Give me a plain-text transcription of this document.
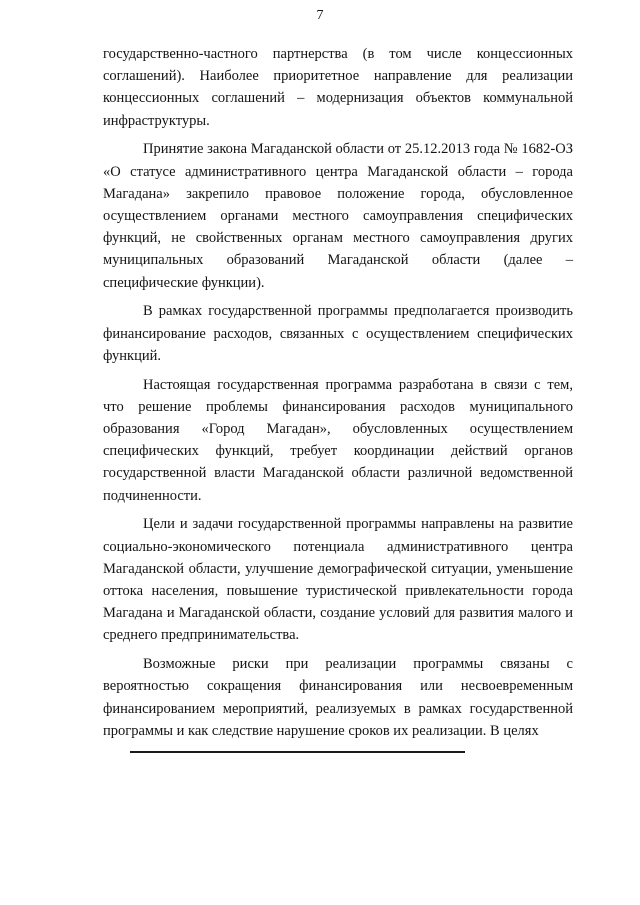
7

государственно-частного партнерства (в том числе концессионных соглашений). Наиболее приоритетное направление для реализации концессионных соглашений – модернизация объектов коммунальной инфраструктуры.

Принятие закона Магаданской области от 25.12.2013 года № 1682-ОЗ «О статусе административного центра Магаданской области – города Магадана» закрепило правовое положение города, обусловленное осуществлением органами местного самоуправления специфических функций, не свойственных органам местного самоуправления других муниципальных образований Магаданской области (далее – специфические функции).

В рамках государственной программы предполагается производить финансирование расходов, связанных с осуществлением специфических функций.

Настоящая государственная программа разработана в связи с тем, что решение проблемы финансирования расходов муниципального образования «Город Магадан», обусловленных осуществлением специфических функций, требует координации действий органов государственной власти Магаданской области различной ведомственной подчиненности.

Цели и задачи государственной программы направлены на развитие социально-экономического потенциала административного центра Магаданской области, улучшение демографической ситуации, уменьшение оттока населения, повышение туристической привлекательности города Магадана и Магаданской области, создание условий для развития малого и среднего предпринимательства.

Возможные риски при реализации программы связаны с вероятностью сокращения финансирования или несвоевременным финансированием мероприятий, реализуемых в рамках государственной программы и как следствие нарушение сроков их реализации. В целях
